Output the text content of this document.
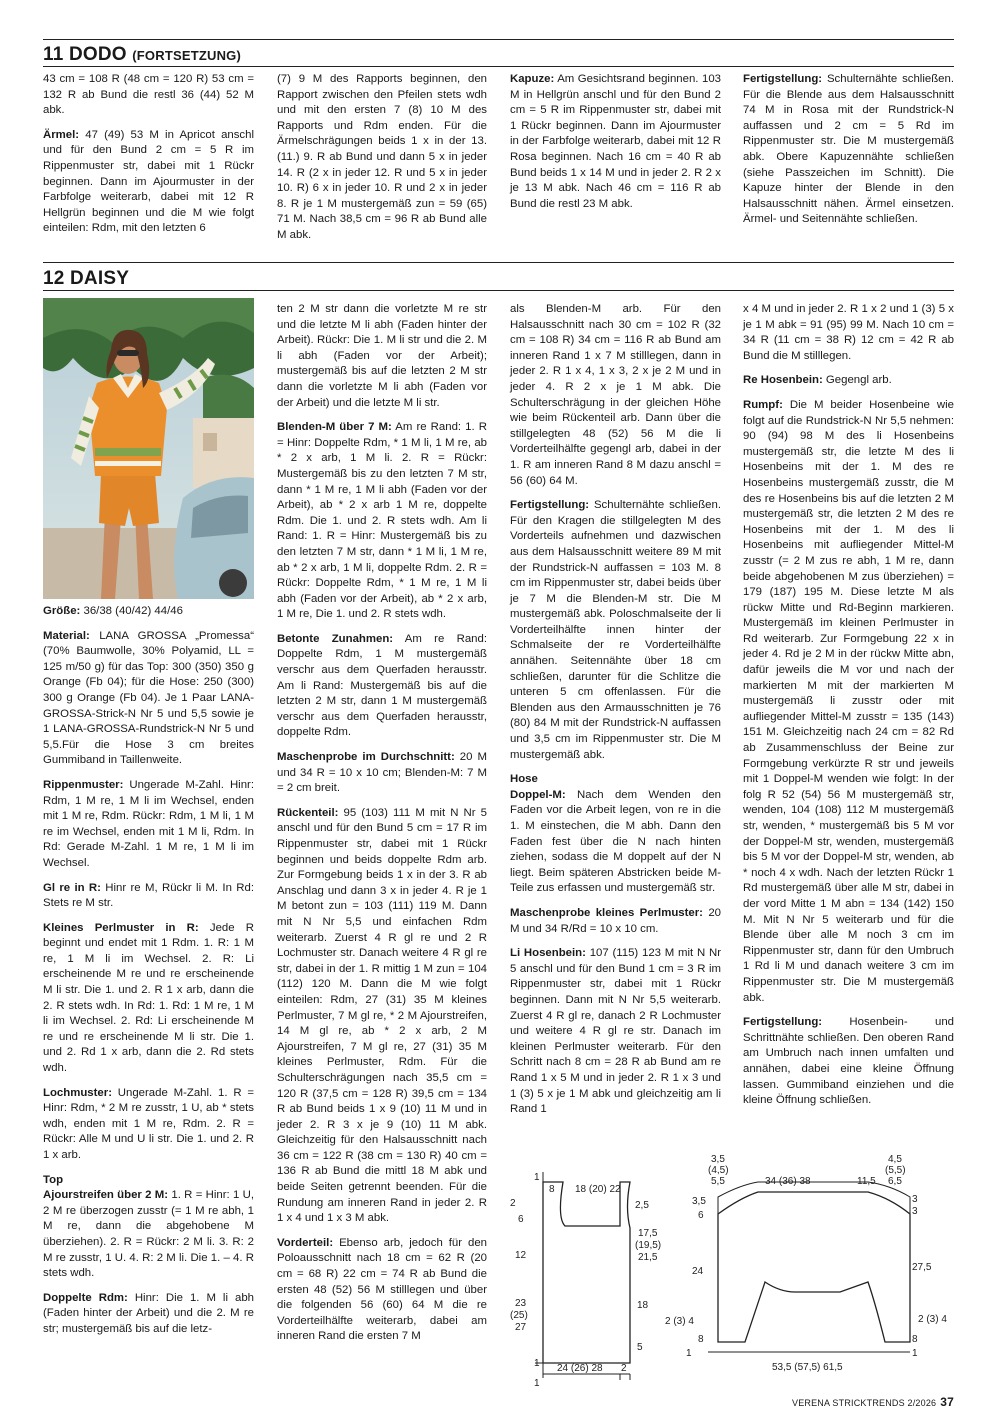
11 DODO (FORTSETZUNG)

43 cm = 108 R (48 cm = 120 R) 53 cm = 132 R ab Bund die restl 36 (44) 52 M abk.

Ärmel: 47 (49) 53 M in Apricot anschl und für den Bund 2 cm = 5 R im Rippenmuster str, dabei mit 1 Rückr beginnen. Dann im Ajourmuster in der Farbfolge weiterarb, dabei mit 12 R Hellgrün beginnen und die M wie folgt einteilen: Rdm, mit den letzten 6

(7) 9 M des Rapports beginnen, den Rapport zwischen den Pfeilen stets wdh und mit den ersten 7 (8) 10 M des Rapports und Rdm enden. Für die Ärmelschrägungen beids 1 x in der 13. (11.) 9. R ab Bund und dann 5 x in jeder 14. R (2 x in jeder 12. R und 5 x in jeder 10. R) 6 x in jeder 10. R und 2 x in jeder 8. R je 1 M mustergemäß zun = 59 (65) 71 M. Nach 38,5 cm = 96 R ab Bund alle M abk.

Kapuze: Am Gesichtsrand beginnen. 103 M in Hellgrün anschl und für den Bund 2 cm = 5 R im Rippenmuster str, dabei mit 1 Rückr beginnen. Dann im Ajourmuster in der Farbfolge weiterarb, dabei mit 12 R Rosa beginnen. Nach 16 cm = 40 R ab Bund beids 1 x 14 M und in jeder 2. R 2 x je 13 M abk. Nach 46 cm = 116 R ab Bund die restl 23 M abk.

Fertigstellung: Schulternähte schließen. Für die Blende aus dem Halsausschnitt 74 M in Rosa mit der Rundstrick-N auffassen und 2 cm = 5 Rd im Rippenmuster str. Die M mustergemäß abk. Obere Kapuzennähte schließen (siehe Passzeichen im Schnitt). Die Kapuze hinter der Blende in den Halsausschnitt nähen. Ärmel einsetzen. Ärmel- und Seitennähte schließen.

12 DAISY

Größe: 36/38 (40/42) 44/46

Material: LANA GROSSA „Promessa“ (70% Baumwolle, 30% Polyamid, LL = 125 m/50 g) für das Top: 300 (350) 350 g Orange (Fb 04); für die Hose: 250 (300) 300 g Orange (Fb 04). Je 1 Paar LANA-GROSSA-Strick-N Nr 5 und 5,5 sowie je 1 LANA-GROSSA-Rundstrick-N Nr 5 und 5,5.Für die Hose 3 cm breites Gummiband in Taillenweite.

Rippenmuster: Ungerade M-Zahl. Hinr: Rdm, 1 M re, 1 M li im Wechsel, enden mit 1 M re, Rdm. Rückr: Rdm, 1 M li, 1 M re im Wechsel, enden mit 1 M li, Rdm. In Rd: Gerade M-Zahl. 1 M re, 1 M li im Wechsel.

Gl re in R: Hinr re M, Rückr li M. In Rd: Stets re M str.

Kleines Perlmuster in R: Jede R beginnt und endet mit 1 Rdm. 1. R: 1 M re, 1 M li im Wechsel. 2. R: Li erscheinende M re und re erscheinende M li str. Die 1. und 2. R 1 x arb, dann die 2. R stets wdh. In Rd: 1. Rd: 1 M re, 1 M li im Wechsel. 2. Rd: Li erscheinende M re und re erscheinende M li str. Die 1. und 2. Rd 1 x arb, dann die 2. Rd stets wdh.

Lochmuster: Ungerade M-Zahl. 1. R = Hinr: Rdm, * 2 M re zusstr, 1 U, ab * stets wdh, enden mit 1 M re, Rdm. 2. R = Rückr: Alle M und U li str. Die 1. und 2. R 1 x arb.

Top

Ajourstreifen über 2 M: 1. R = Hinr: 1 U, 2 M re überzogen zusstr (= 1 M re abh, 1 M re, dann die abgehobene M überziehen). 2. R = Rückr: 2 M li. 3. R: 2 M re zusstr, 1 U. 4. R: 2 M li. Die 1. – 4. R stets wdh.

Doppelte Rdm: Hinr: Die 1. M li abh (Faden hinter der Arbeit) und die 2. M re str; mustergemäß bis auf die letz-

ten 2 M str dann die vorletzte M re str und die letzte M li abh (Faden hinter der Arbeit). Rückr: Die 1. M li str und die 2. M li abh (Faden vor der Arbeit); mustergemäß bis auf die letzten 2 M str dann die vorletzte M li abh (Faden vor der Arbeit) und die letzte M li str.

Blenden-M über 7 M: Am re Rand: 1. R = Hinr: Doppelte Rdm, * 1 M li, 1 M re, ab * 2 x arb, 1 M li. 2. R = Rückr: Mustergemäß bis zu den letzten 7 M str, dann * 1 M re, 1 M li abh (Faden vor der Arbeit), ab * 2 x arb 1 M re, doppelte Rdm. Die 1. und 2. R stets wdh. Am li Rand: 1. R = Hinr: Mustergemäß bis zu den letzten 7 M str, dann * 1 M li, 1 M re, ab * 2 x arb, 1 M li, doppelte Rdm. 2. R = Rückr: Doppelte Rdm, * 1 M re, 1 M li abh (Faden vor der Arbeit), ab * 2 x arb, 1 M re, Die 1. und 2. R stets wdh.

Betonte Zunahmen: Am re Rand: Doppelte Rdm, 1 M mustergemäß verschr aus dem Querfaden herausstr. Am li Rand: Mustergemäß bis auf die letzten 2 M str, dann 1 M mustergemäß verschr aus dem Querfaden herausstr, doppelte Rdm.

Maschenprobe im Durchschnitt: 20 M und 34 R = 10 x 10 cm; Blenden-M: 7 M = 2 cm breit.

Rückenteil: 95 (103) 111 M mit N Nr 5 anschl und für den Bund 5 cm = 17 R im Rippenmuster str, dabei mit 1 Rückr beginnen und beids doppelte Rdm arb. Zur Formgebung beids 1 x in der 3. R ab Anschlag und dann 3 x in jeder 4. R je 1 M betont zun = 103 (111) 119 M. Dann mit N Nr 5,5 und einfachen Rdm weiterarb. Zuerst 4 R gl re und 2 R Lochmuster str. Danach weitere 4 R gl re str, dabei in der 1. R mittig 1 M zun = 104 (112) 120 M. Dann die M wie folgt einteilen: Rdm, 27 (31) 35 M kleines Perlmuster, 7 M gl re, * 2 M Ajourstreifen, 14 M gl re, ab * 2 x arb, 2 M Ajourstreifen, 7 M gl re, 27 (31) 35 M kleines Perlmuster, Rdm. Für die Schulterschrägungen nach 35,5 cm = 120 R (37,5 cm = 128 R) 39,5 cm = 134 R ab Bund beids 1 x 9 (10) 11 M und in jeder 2. R 3 x je 9 (10) 11 M abk. Gleichzeitig für den Halsausschnitt nach 36 cm = 122 R (38 cm = 130 R) 40 cm = 136 R ab Bund die mittl 18 M abk und beide Seiten getrennt beenden. Für die Rundung am inneren Rand in jeder 2. R 1 x 4 und 1 x 3 M abk.

Vorderteil: Ebenso arb, jedoch für den Poloausschnitt nach 18 cm = 62 R (20 cm = 68 R) 22 cm = 74 R ab Bund die ersten 48 (52) 56 M stilllegen und über die folgenden 56 (60) 64 M die re Vorderteilhälfte weiterarb, dabei am inneren Rand die ersten 7 M

als Blenden-M arb. Für den Halsausschnitt nach 30 cm = 102 R (32 cm = 108 R) 34 cm = 116 R ab Bund am inneren Rand 1 x 7 M stilllegen, dann in jeder 2. R 1 x 4, 1 x 3, 2 x je 2 M und in jeder 4. R 2 x je 1 M abk. Die Schulterschrägung in der gleichen Höhe wie beim Rückenteil arb. Dann über die stillgelegten 48 (52) 56 M die li Vorderteilhälfte gegengl arb, dabei in der 1. R am inneren Rand 8 M dazu anschl = 56 (60) 64 M.

Fertigstellung: Schulternähte schließen. Für den Kragen die stillgelegten M des Vorderteils aufnehmen und dazwischen aus dem Halsausschnitt weitere 89 M mit der Rundstrick-N auffassen = 103 M. 8 cm im Rippenmuster str, dabei beids über je 7 M die Blenden-M str. Die M mustergemäß abk. Poloschmalseite der li Vorderteilhälfte innen hinter der Schmalseite der re Vorderteilhälfte annähen. Seitennähte über 18 cm schließen, darunter für die Schlitze die unteren 5 cm offenlassen. Für die Blenden aus den Armausschnitten je 76 (80) 84 M mit der Rundstrick-N auffassen und 3,5 cm im Rippenmuster str. Die M mustergemäß abk.

Hose

Doppel-M: Nach dem Wenden den Faden vor die Arbeit legen, von re in die 1. M einstechen, die M abh. Dann den Faden fest über die N nach hinten ziehen, sodass die M doppelt auf der N liegt. Beim späteren Abstricken beide M-Teile zus erfassen und mustergemäß str.

Maschenprobe kleines Perlmuster: 20 M und 34 R/Rd = 10 x 10 cm.

Li Hosenbein: 107 (115) 123 M mit N Nr 5 anschl und für den Bund 1 cm = 3 R im Rippenmuster str, dabei mit 1 Rückr beginnen. Dann mit N Nr 5,5 weiterarb. Zuerst 4 R gl re, danach 2 R Lochmuster und weitere 4 R gl re str. Danach im kleinen Perlmuster weiterarb. Für den Schritt nach 8 cm = 28 R ab Bund am re Rand 1 x 5 M und in jeder 2. R 1 x 3 und 1 (3) 5 x je 1 M abk und gleichzeitig am li Rand 1

x 4 M und in jeder 2. R 1 x 2 und 1 (3) 5 x je 1 M abk = 91 (95) 99 M. Nach 10 cm = 34 R (11 cm = 38 R) 12 cm = 42 R ab Bund die M stilllegen.

Re Hosenbein: Gegengl arb.

Rumpf: Die M beider Hosenbeine wie folgt auf die Rundstrick-N Nr 5,5 nehmen: 90 (94) 98 M des li Hosenbeins mustergemäß str, die letzte M des li Hosenbeins mit der 1. M des re Hosenbeins mustergemäß zusstr, die M des re Hosenbeins bis auf die letzten 2 M mustergemäß str, die letzten 2 M des re Hosenbeins mit der 1. M des li Hosenbeins mit aufliegender Mittel-M zusstr (= 2 M zus re abh, 1 M re, dann beide abgehobenen M zus überziehen) = 179 (187) 195 M. Diese letzte M als rückw Mitte und Rd-Beginn markieren. Mustergemäß im kleinen Perlmuster in Rd weiterarb. Zur Formgebung 22 x in jeder 4. Rd je 2 M in der rückw Mitte abn, dafür jeweils die M vor und nach der markierten M mit der markierten M mustergemäß li zusstr oder mit aufliegender Mittel-M zusstr = 135 (143) 151 M. Gleichzeitig nach 24 cm = 82 Rd ab Zusammenschluss der Beine zur Formgebung verkürzte R str und jeweils mit 1 Doppel-M wenden wie folgt: In der folg R 52 (54) 56 M mustergemäß str, wenden, 104 (108) 112 M mustergemäß str, wenden, * mustergemäß bis 5 M vor der Doppel-M str, wenden, mustergemäß bis 5 M vor der Doppel-M str, wenden, ab * noch 4 x wdh. Nach der letzten Rückr 1 Rd mustergemäß über alle M str, dabei in der vord Mitte 1 M abn = 134 (142) 150 M. Mit N Nr 5 weiterarb und für die Blende über alle M noch 3 cm im Rippenmuster str, dann für den Umbruch 1 Rd li M und danach weitere 3 cm im Rippenmuster str. Die M mustergemäß abk.

Fertigstellung: Hosenbein- und Schrittnähte schließen. Den oberen Rand am Umbruch nach innen umfalten und annähen, dabei eine kleine Öffnung lassen. Gummiband einziehen und die kleine Öffnung schließen.

1
8 18 (20) 22
2
6
2,5
17,5
(19,5)
21,5
12
18
23
(25)
27
5
1 24 (26) 28 2
1
3,5
(4,5)
5,5	34 (36) 38
4,5
(5,5)
6,5
11,5
3,5	3
3
6
24	27,5
2 (3) 4	2 (3) 4
8	8
1	1
53,5 (57,5) 61,5
VERENA STRICKTRENDS 2/2026 37
